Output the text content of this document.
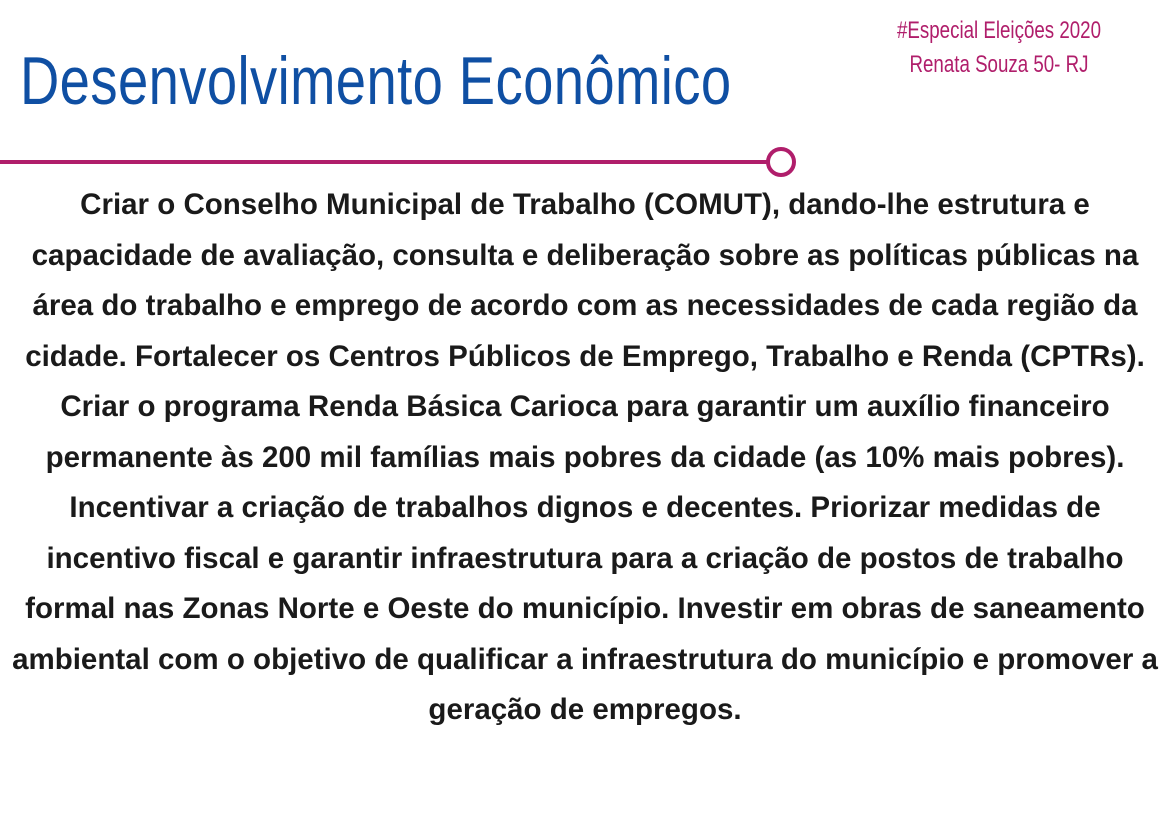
Desenvolvimento Econômico
#Especial Eleições 2020
Renata Souza 50- RJ

Criar o Conselho Municipal de Trabalho (COMUT), dando-lhe estrutura e capacidade de avaliação, consulta e deliberação sobre as políticas públicas na área do trabalho e emprego de acordo com as necessidades de cada região da cidade. Fortalecer os Centros Públicos de Emprego, Trabalho e Renda (CPTRs). Criar o programa Renda Básica Carioca para garantir um auxílio financeiro permanente às 200 mil famílias mais pobres da cidade (as 10% mais pobres). Incentivar a criação de trabalhos dignos e decentes. Priorizar medidas de incentivo fiscal e garantir infraestrutura para a criação de postos de trabalho formal nas Zonas Norte e Oeste do município. Investir em obras de saneamento ambiental com o objetivo de qualificar a infraestrutura do município e promover a geração de empregos.
